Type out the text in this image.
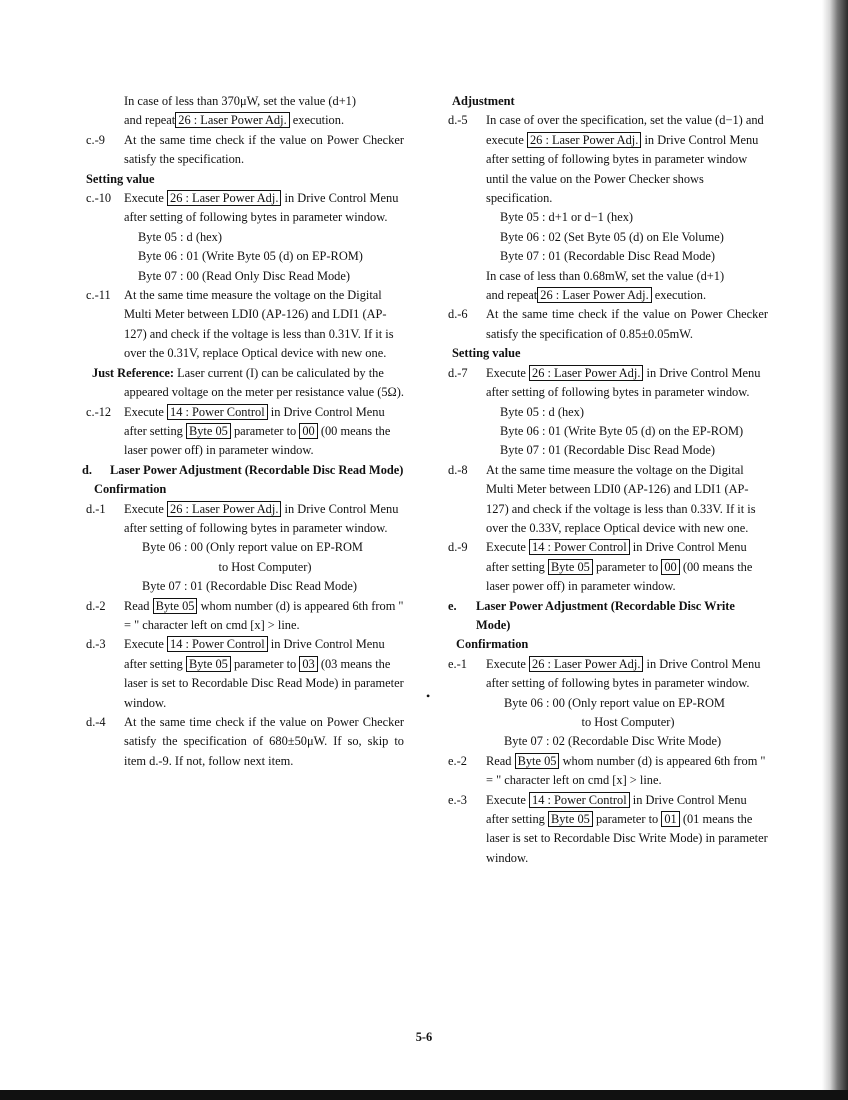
In case of less than 370μW, set the value (d+1)
and repeat 26 : Laser Power Adj. execution.
c.-9 At the same time check if the value on Power Checker satisfy the specification.
Setting value
c.-10 Execute 26 : Laser Power Adj. in Drive Control Menu after setting of following bytes in parameter window.
Byte 05 : d (hex)
Byte 06 : 01 (Write Byte 05 (d) on EP-ROM)
Byte 07 : 00 (Read Only Disc Read Mode)
c.-11 At the same time measure the voltage on the Digital Multi Meter between LDI0 (AP-126) and LDI1 (AP-127) and check if the voltage is less than 0.31V. If it is over the 0.31V, replace Optical device with new one.
Just Reference: Laser current (I) can be caliculated by the appeared voltage on the meter per resistance value (5Ω).
c.-12 Execute 14 : Power Control in Drive Control Menu after setting Byte 05 parameter to 00 (00 means the laser power off) in parameter window.
d. Laser Power Adjustment (Recordable Disc Read Mode)
Confirmation
d.-1 Execute 26 : Laser Power Adj. in Drive Control Menu after setting of following bytes in parameter window.
Byte 06 : 00 (Only report value on EP-ROM
to Host Computer)
Byte 07 : 01 (Recordable Disc Read Mode)
d.-2 Read Byte 05 whom number (d) is appeared 6th from " = " character left on cmd [x] > line.
d.-3 Execute 14 : Power Control in Drive Control Menu after setting Byte 05 parameter to 03 (03 means the laser is set to Recordable Disc Read Mode) in parameter window.
d.-4 At the same time check if the value on Power Checker satisfy the specification of 680±50μW. If so, skip to item d.-9. If not, follow next item.
•
Adjustment
d.-5 In case of over the specification, set the value (d−1) and execute 26 : Laser Power Adj. in Drive Control Menu after setting of following bytes in parameter window until the value on the Power Checker shows specification.
Byte 05 : d+1 or d−1 (hex)
Byte 06 : 02 (Set Byte 05 (d) on Ele Volume)
Byte 07 : 01 (Recordable Disc Read Mode)
In case of less than 0.68mW, set the value (d+1)
and repeat 26 : Laser Power Adj. execution.
d.-6 At the same time check if the value on Power Checker satisfy the specification of 0.85±0.05mW.
Setting value
d.-7 Execute 26 : Laser Power Adj. in Drive Control Menu after setting of following bytes in parameter window.
Byte 05 : d (hex)
Byte 06 : 01 (Write Byte 05 (d) on the EP-ROM)
Byte 07 : 01 (Recordable Disc Read Mode)
d.-8 At the same time measure the voltage on the Digital Multi Meter between LDI0 (AP-126) and LDI1 (AP-127) and check if the voltage is less than 0.33V. If it is over the 0.33V, replace Optical device with new one.
d.-9 Execute 14 : Power Control in Drive Control Menu after setting Byte 05 parameter to 00 (00 means the laser power off) in parameter window.
e. Laser Power Adjustment (Recordable Disc Write Mode)
Confirmation
e.-1 Execute 26 : Laser Power Adj. in Drive Control Menu after setting of following bytes in parameter window.
Byte 06 : 00 (Only report value on EP-ROM
to Host Computer)
Byte 07 : 02 (Recordable Disc Write Mode)
e.-2 Read Byte 05 whom number (d) is appeared 6th from " = " character left on cmd [x] > line.
e.-3 Execute 14 : Power Control in Drive Control Menu after setting Byte 05 parameter to 01 (01 means the laser is set to Recordable Disc Write Mode) in parameter window.
5-6
